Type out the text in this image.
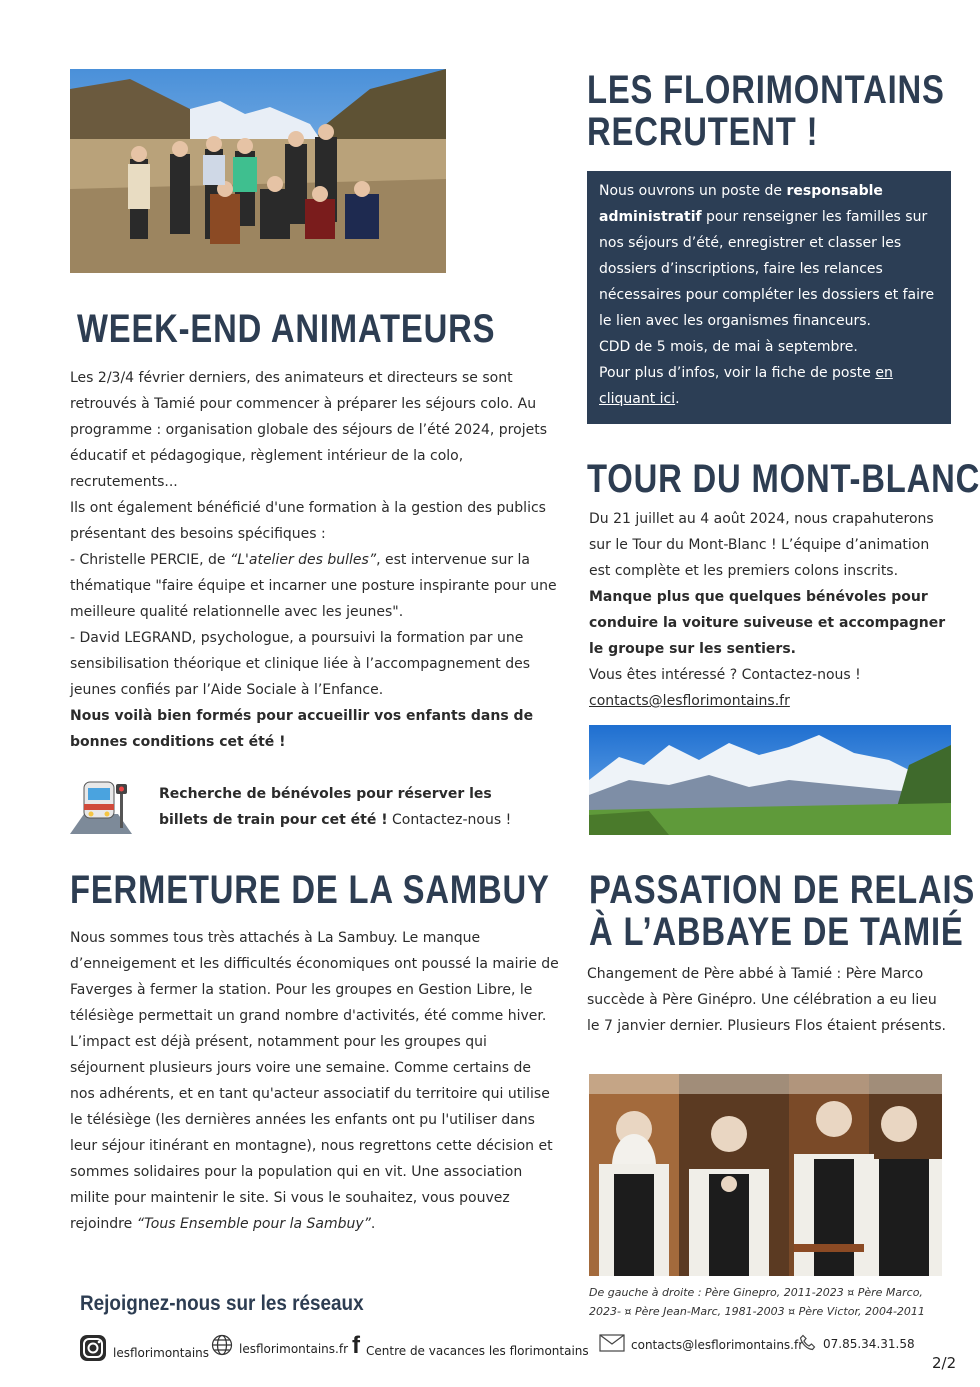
WEEK-END ANIMATEURS
Les 2/3/4 février derniers, des animateurs et directeurs se sont retrouvés à Tamié pour commencer à préparer les séjours colo. Au programme : organisation globale des séjours de l’été 2024, projets éducatif et pédagogique, règlement intérieur de la colo, recrutements...
Ils ont également bénéficié d'une formation à la gestion des publics présentant des besoins spécifiques :
- Christelle PERCIE, de “L'atelier des bulles”, est intervenue sur la thématique "faire équipe et incarner une posture inspirante pour une meilleure qualité relationnelle avec les jeunes".
- David LEGRAND, psychologue, a poursuivi la formation par une sensibilisation théorique et clinique liée à l’accompagnement des jeunes confiés par l’Aide Sociale à l’Enfance.
Nous voilà bien formés pour accueillir vos enfants dans de bonnes conditions cet été !
Recherche de bénévoles pour réserver les billets de train pour cet été ! Contactez-nous !
FERMETURE DE LA SAMBUY
Nous sommes tous très attachés à La Sambuy. Le manque d’enneigement et les difficultés économiques ont poussé la mairie de Faverges à fermer la station. Pour les groupes en Gestion Libre, le télésiège permettait un grand nombre d'activités, été comme hiver. L’impact est déjà présent, notamment pour les groupes qui séjournent plusieurs jours voire une semaine. Comme certains de nos adhérents, et en tant qu'acteur associatif du territoire qui utilise le télésiège (les dernières années les enfants ont pu l'utiliser dans leur séjour itinérant en montagne), nous regrettons cette décision et sommes solidaires pour la population qui en vit. Une association milite pour maintenir le site. Si vous le souhaitez, vous pouvez rejoindre “Tous Ensemble pour la Sambuy”.
LES FLORIMONTAINS
RECRUTENT !
Nous ouvrons un poste de responsable administratif pour renseigner les familles sur nos séjours d’été, enregistrer et classer les dossiers d’inscriptions, faire les relances nécessaires pour compléter les dossiers et faire le lien avec les organismes financeurs.
CDD de 5 mois, de mai à septembre.
Pour plus d’infos, voir la fiche de poste en cliquant ici.
TOUR DU MONT-BLANC
Du 21 juillet au 4 août 2024, nous crapahuterons sur le Tour du Mont-Blanc ! L’équipe d’animation est complète et les premiers colons inscrits.
Manque plus que quelques bénévoles pour conduire la voiture suiveuse et accompagner le groupe sur les sentiers.
Vous êtes intéressé ? Contactez-nous !
contacts@lesflorimontains.fr
PASSATION DE RELAIS
À L’ABBAYE DE TAMIÉ
Changement de Père abbé à Tamié : Père Marco succède à Père Ginépro. Une célébration a eu lieu le 7 janvier dernier. Plusieurs Flos étaient présents.
De gauche à droite : Père Ginepro, 2011-2023 ¤ Père Marco, 2023- ¤ Père Jean-Marc, 1981-2003 ¤ Père Victor, 2004-2011
Rejoignez-nous sur les réseaux
lesflorimontains lesflorimontains.fr f Centre de vacances les florimontains	contacts@lesflorimontains.fr 07.85.34.31.58
2/2
